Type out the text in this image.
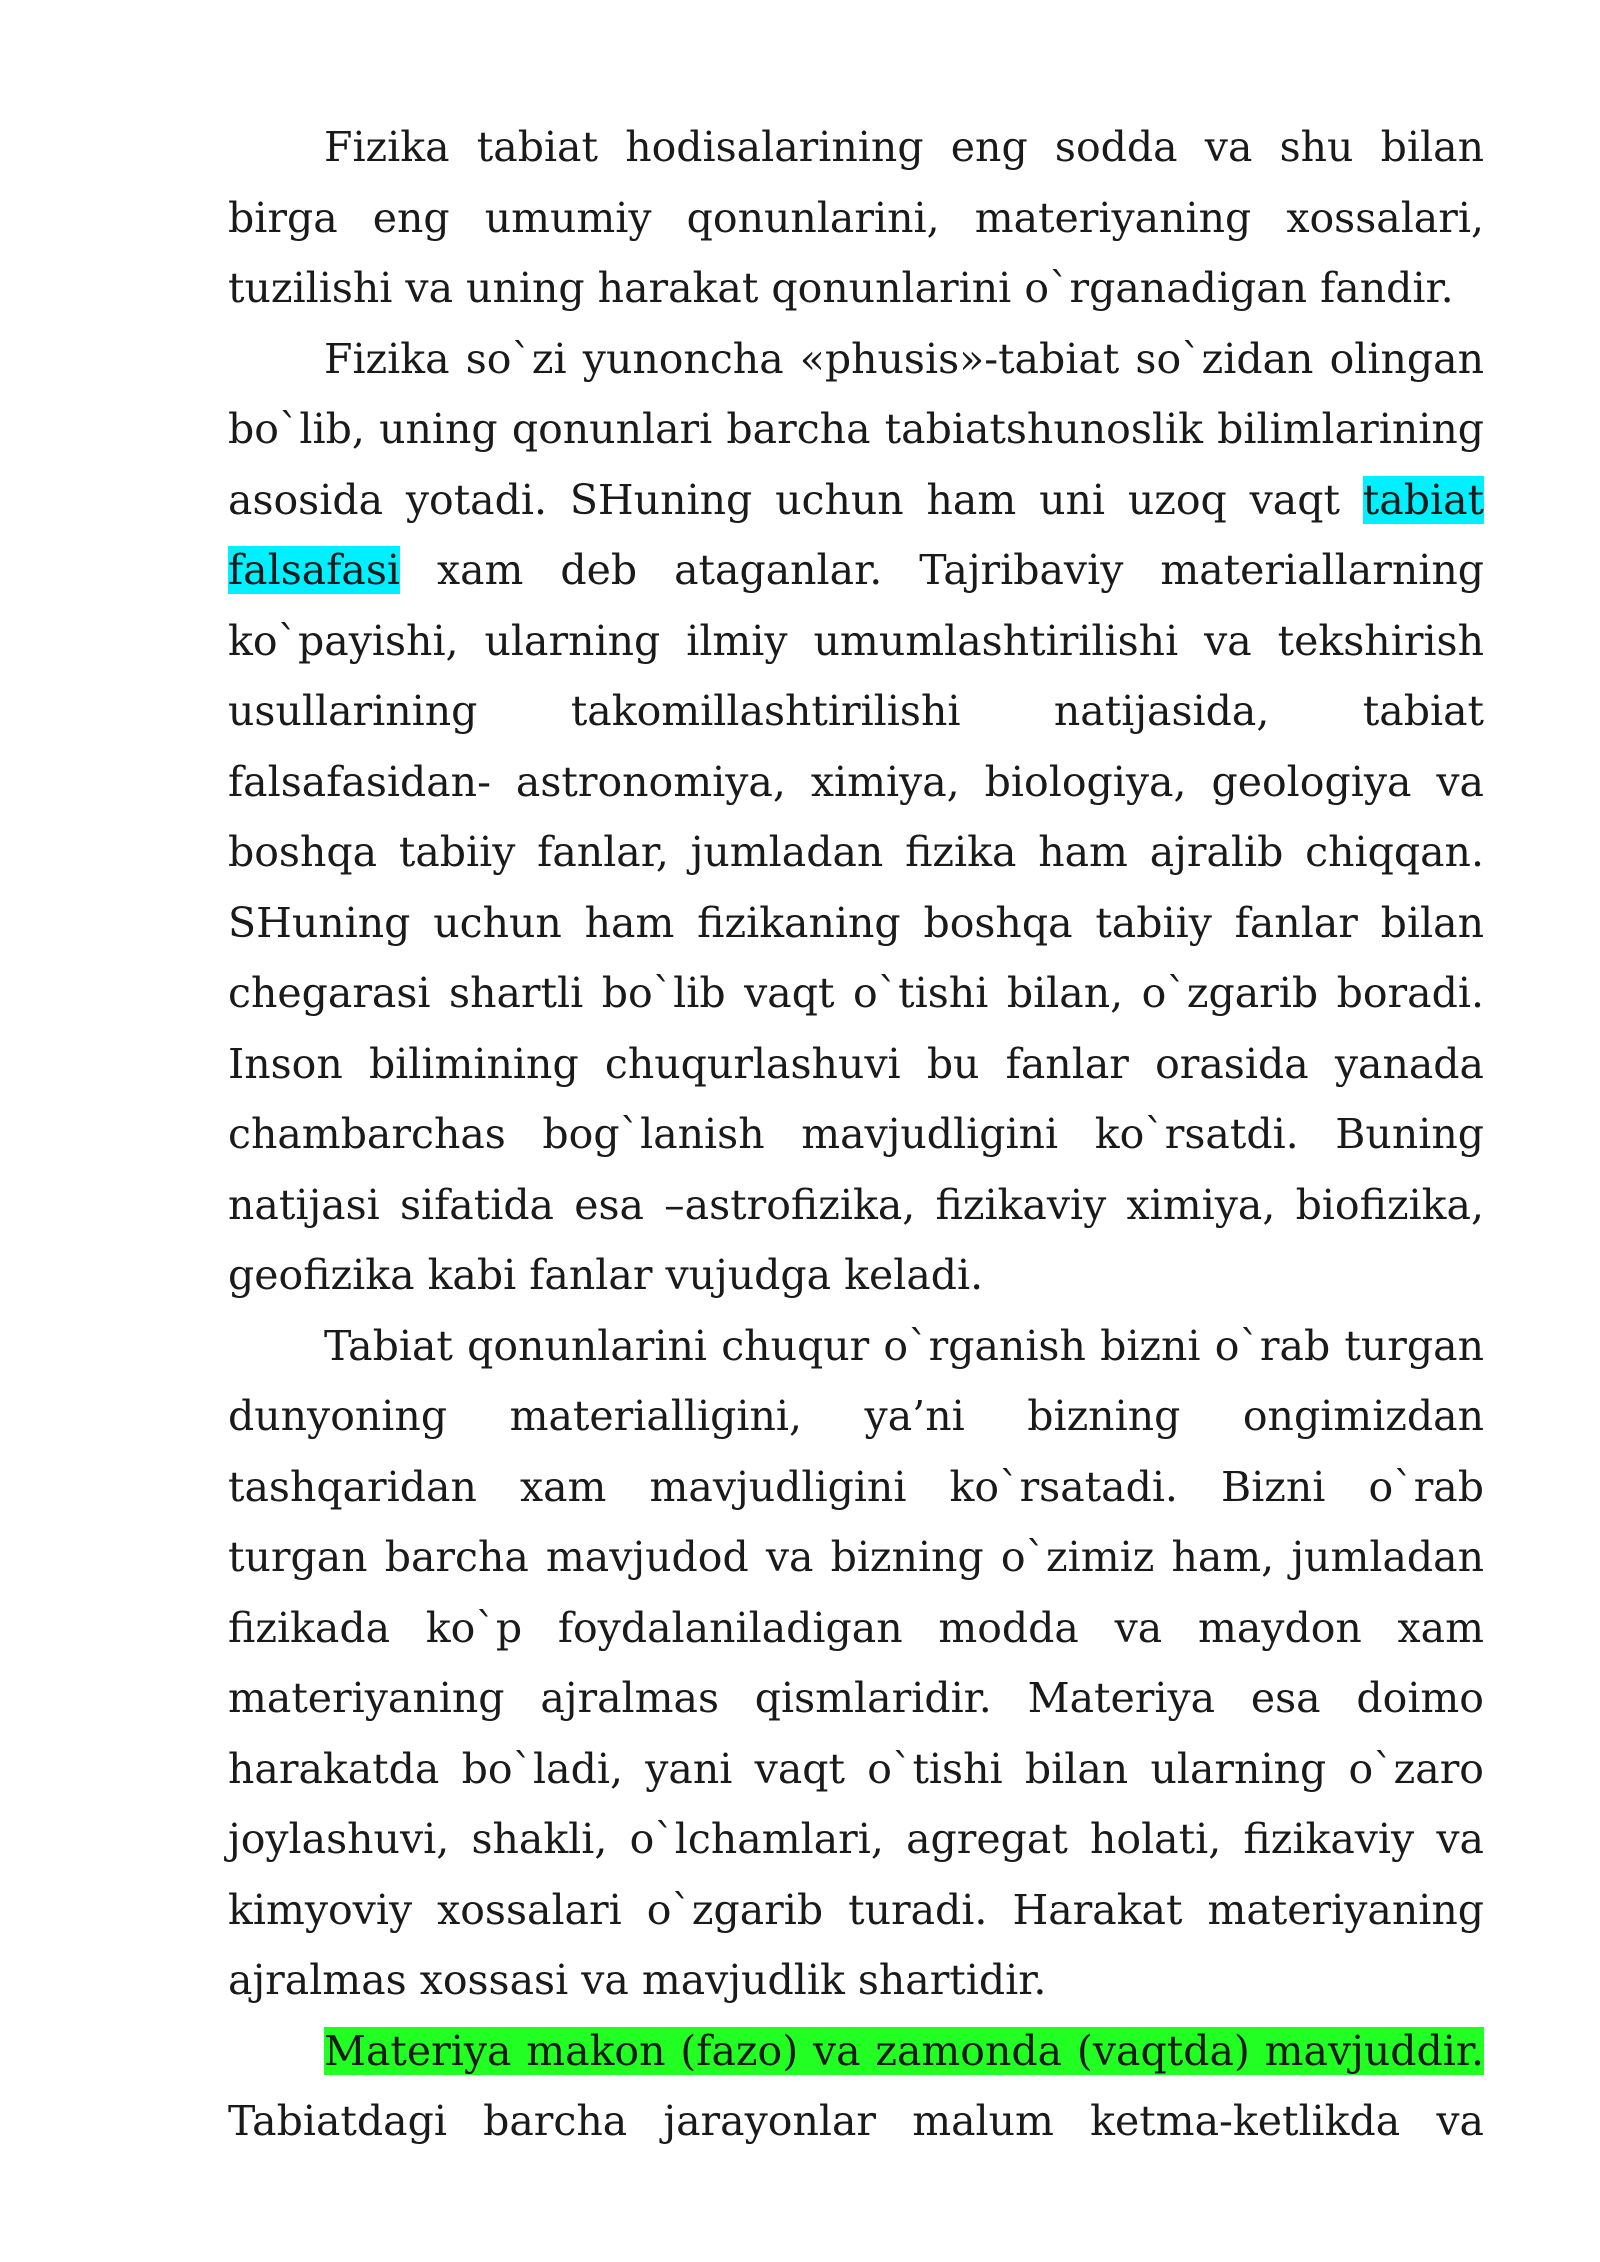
Fizika tabiat hodisalarining eng sodda va shu bilan birga eng umumiy qonunlarini, materiyaning xossalari, tuzilishi va uning harakat qonunlarini o`rganadigan fandir.

Fizika so`zi yunoncha «phusis»-tabiat so`zidan olingan bo`lib, uning qonunlari barcha tabiatshunoslik bilimlarining asosida yotadi. SHuning uchun ham uni uzoq vaqt tabiat falsafasi xam deb ataganlar. Tajribaviy materiallarning ko`payishi, ularning ilmiy umumlashtirilishi va tekshirish usullarining takomillashtirilishi natijasida, tabiat falsafasidan- astronomiya, ximiya, biologiya, geologiya va boshqa tabiiy fanlar, jumladan fizika ham ajralib chiqqan. SHuning uchun ham fizikaning boshqa tabiiy fanlar bilan chegarasi shartli bo`lib vaqt o`tishi bilan, o`zgarib boradi. Inson bilimining chuqurlashuvi bu fanlar orasida yanada chambarchas bog`lanish mavjudligini ko`rsatdi. Buning natijasi sifatida esa –astrofizika, fizikaviy ximiya, biofizika, geofizika kabi fanlar vujudga keladi.

Tabiat qonunlarini chuqur o`rganish bizni o`rab turgan dunyoning materialligini, ya’ni bizning ongimizdan tashqaridan xam mavjudligini ko`rsatadi. Bizni o`rab turgan barcha mavjudod va bizning o`zimiz ham, jumladan fizikada ko`p foydalaniladigan modda va maydon xam materiyaning ajralmas qismlaridir. Materiya esa doimo harakatda bo`ladi, yani vaqt o`tishi bilan ularning o`zaro joylashuvi, shakli, o`lchamlari, agregat holati, fizikaviy va kimyoviy xossalari o`zgarib turadi. Harakat materiyaning ajralmas xossasi va mavjudlik shartidir.

Materiya makon (fazo) va zamonda (vaqtda) mavjuddir. Tabiatdagi barcha jarayonlar malum ketma-ketlikda va
